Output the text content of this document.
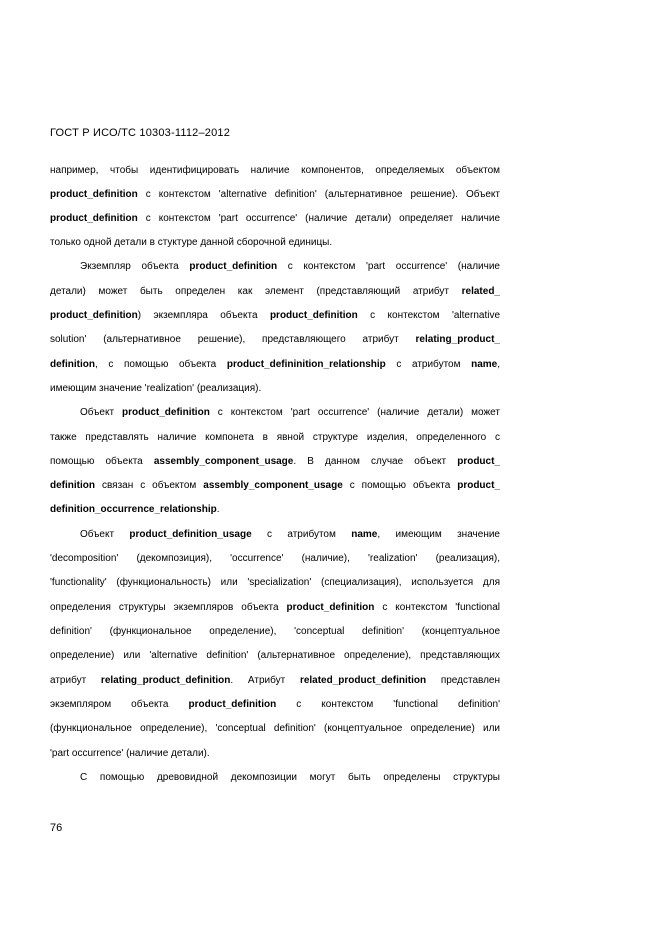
ГОСТ Р ИСО/ТС 10303-1112–2012
например, чтобы идентифицировать наличие компонентов, определяемых объектом
product_definition с контекстом 'alternative definition' (альтернативное решение). Объект
product_definition с контекстом 'part occurrence' (наличие детали) определяет наличие
только одной детали в стуктуре данной сборочной единицы.
Экземпляр объекта product_definition с контекстом 'part occurrence' (наличие
детали) может быть определен как элемент (представляющий атрибут related_
product_definition) экземпляра объекта product_definition с контекстом 'alternative
solution' (альтернативное решение), представляющего атрибут relating_product_
definition, с помощью объекта product_defininition_relationship с атрибутом name,
имеющим значение 'realization' (реализация).
Объект product_definition с контекстом 'part occurrence' (наличие детали) может
также представлять наличие компонета в явной структуре изделия, определенного с
помощью объекта assembly_component_usage. В данном случае объект product_
definition связан с объектом assembly_component_usage с помощью объекта product_
definition_occurrence_relationship.
Объект product_definition_usage с атрибутом name, имеющим значение
'decomposition' (декомпозиция), 'occurrence' (наличие), 'realization' (реализация),
'functionality' (функциональность) или 'specialization' (специализация), используется для
определения структуры экземпляров объекта product_definition с контекстом 'functional
definition' (функциональное определение), 'conceptual definition' (концептуальное
определение) или 'alternative definition' (альтернативное определение), представляющих
атрибут relating_product_definition. Атрибут related_product_definition представлен
экземпляром объекта product_definition с контекстом 'functional definition'
(функциональное определение), 'conceptual definition' (концептуальное определение) или
'part occurrence' (наличие детали).
С помощью древовидной декомпозиции могут быть определены структуры
76
